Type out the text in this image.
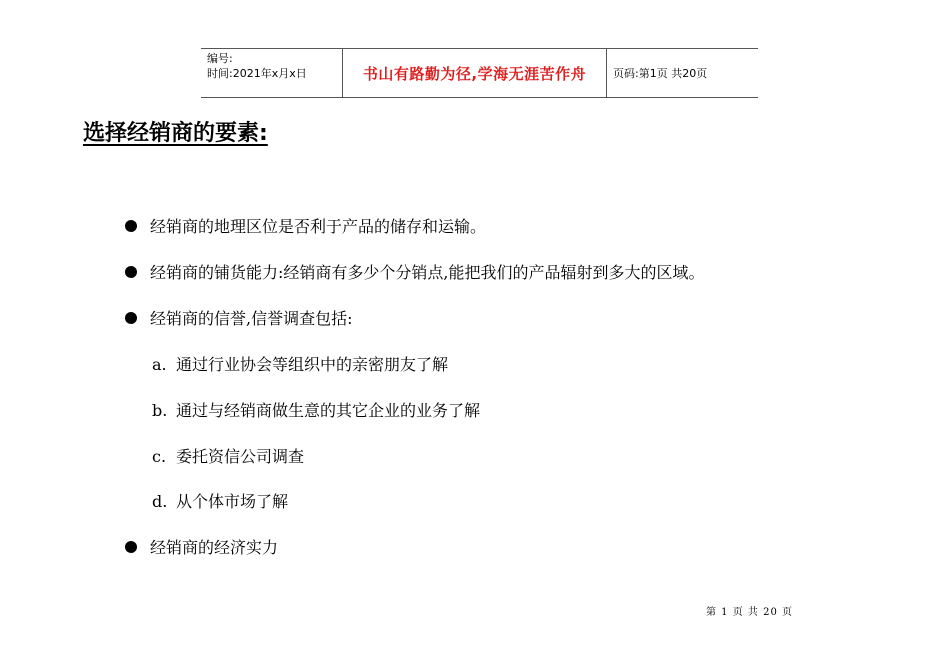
编号:
时间:2021年x月x日	书山有路勤为径,学海无涯苦作舟	页码:第1页 共20页
选择经销商的要素:
经销商的地理区位是否利于产品的储存和运输。
经销商的铺货能力:经销商有多少个分销点,能把我们的产品辐射到多大的区域。
经销商的信誉,信誉调查包括:
a. 通过行业协会等组织中的亲密朋友了解
b. 通过与经销商做生意的其它企业的业务了解
c. 委托资信公司调查
d. 从个体市场了解
经销商的经济实力
第 1 页 共 20 页
